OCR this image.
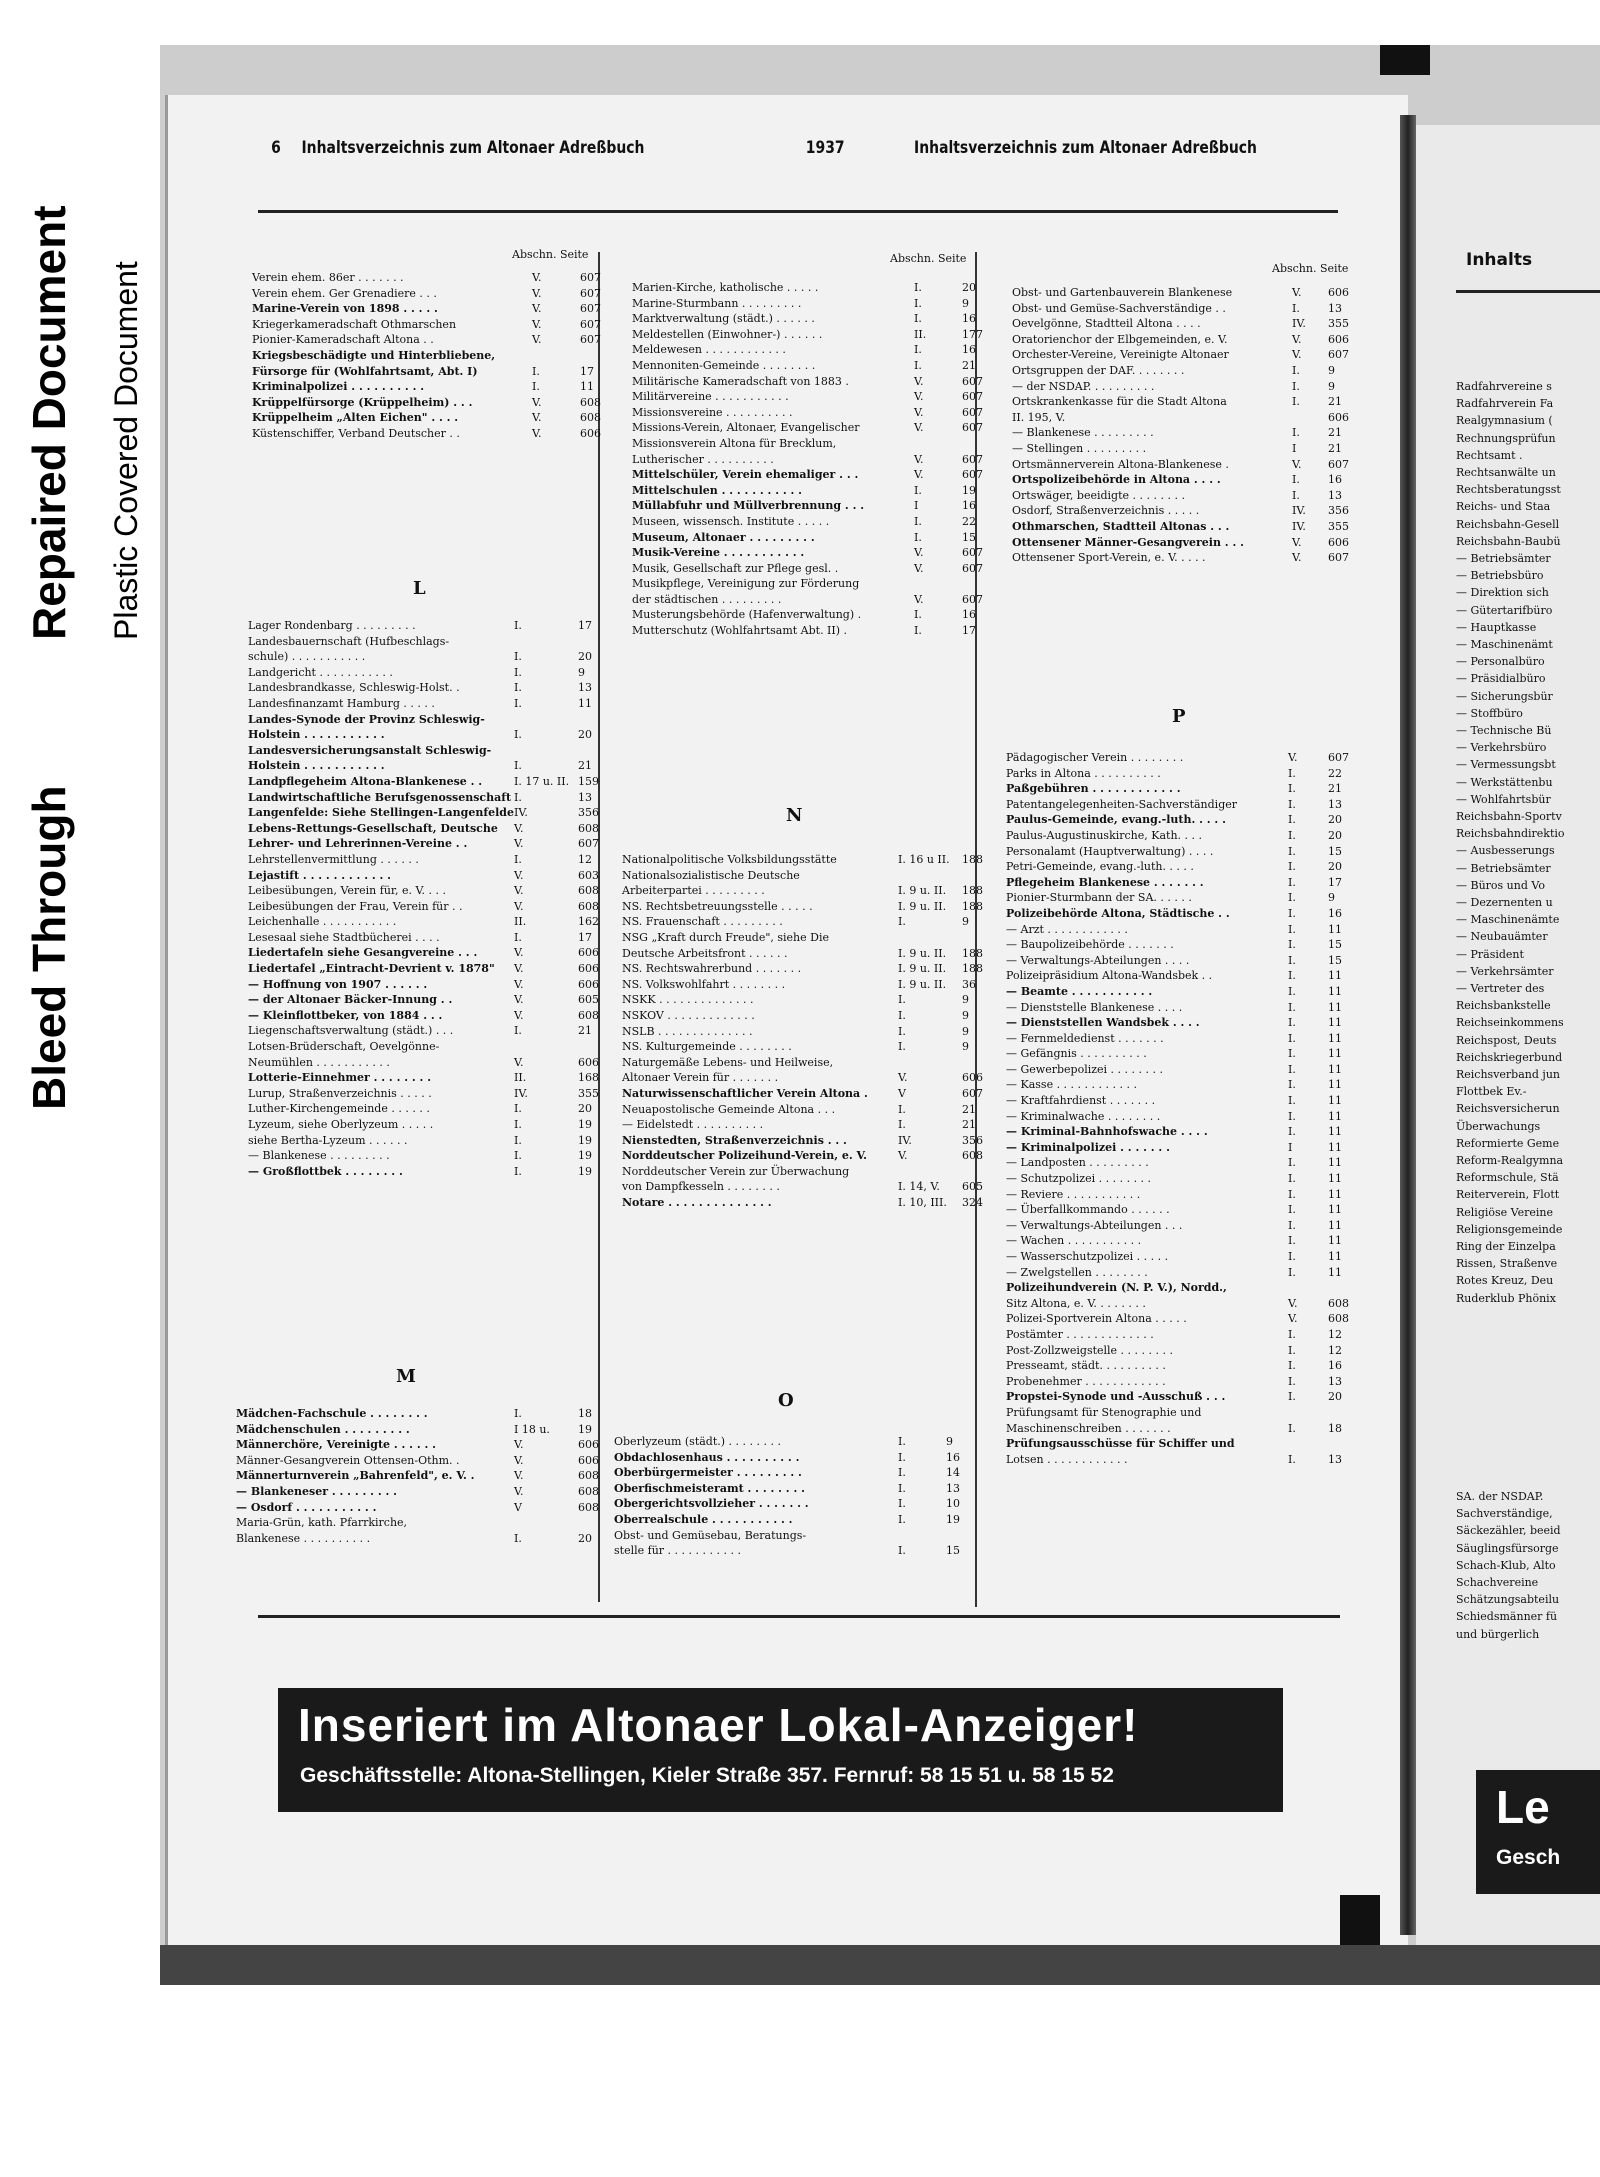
Bleed Through
Repaired Document Plastic Covered Document
Inhalts
Radfahrvereine s
Radfahrverein Fa
Realgymnasium (
Rechnungsprüfun
Rechtsamt .
Rechtsanwälte un
Rechtsberatungsst
Reichs- und Staa
Reichsbahn-Gesell
Reichsbahn-Baubü
— Betriebsämter
— Betriebsbüro
— Direktion sich
— Gütertarifbüro
— Hauptkasse
— Maschinenämt
— Personalbüro
— Präsidialbüro
— Sicherungsbür
— Stoffbüro
— Technische Bü
— Verkehrsbüro
— Vermessungsbt
— Werkstättenbu
— Wohlfahrtsbür
Reichsbahn-Sportv
Reichsbahndirektio
— Ausbesserungs
— Betriebsämter
— Büros und Vo
— Dezernenten u
— Maschinenämte
— Neubauämter
— Präsident
— Verkehrsämter
— Vertreter des
Reichsbankstelle
Reichseinkommens
Reichspost, Deuts
Reichskriegerbund
Reichsverband jun
Flottbek Ev.-
Reichsversicherun
Überwachungs
Reformierte Geme
Reform-Realgymna
Reformschule, Stä
Reiterverein, Flott
Religiöse Vereine
Religionsgemeinde
Ring der Einzelpa
Rissen, Straßenve
Rotes Kreuz, Deu
Ruderklub Phönix
SA. der NSDAP.
Sachverständige,
Säckezähler, beeid
Säuglingsfürsorge
Schach-Klub, Alto
Schachvereine
Schätzungsabteilu
Schiedsmänner fü
und bürgerlich
Le
Gesch
6 Inhaltsverzeichnis zum Altonaer Adreßbuch	1937	Inhaltsverzeichnis zum Altonaer Adreßbuch
Abschn. Seite	Abschn. Seite
Abschn. Seite
Verein ehem. 86er . . . . . . .	V.	607
Verein ehem. Ger Grenadiere . . .	V.	607
Marine-Verein von 1898 . . . . .	V.	607
Kriegerkameradschaft Othmarschen	V.	607
Pionier-Kameradschaft Altona . .	V.	607
Kriegsbeschädigte und Hinterbliebene,
Fürsorge für (Wohlfahrtsamt, Abt. I)	I.	17
Kriminalpolizei . . . . . . . . . .	I.	11
Krüppelfürsorge (Krüppelheim) . . .	V.	608
Krüppelheim „Alten Eichen" . . . .	V.	608
Küstenschiffer, Verband Deutscher . .	V.	606
L
Lager Rondenbarg . . . . . . . . .	I.	17
Landesbauernschaft (Hufbeschlags-
schule) . . . . . . . . . . .	I.	20
Landgericht . . . . . . . . . . .	I.	9
Landesbrandkasse, Schleswig-Holst. .	I.	13
Landesfinanzamt Hamburg . . . . .	I.	11
Landes-Synode der Provinz Schleswig-
Holstein . . . . . . . . . . .	I.	20
Landesversicherungsanstalt Schleswig-
Holstein . . . . . . . . . . .	I.	21
Landpflegeheim Altona-Blankenese . .	I. 17 u. II. 159
Landwirtschaftliche Berufsgenossenschaft I.	13
Langenfelde: Siehe Stellingen-Langenfelde IV.	356
Lebens-Rettungs-Gesellschaft, Deutsche V.	608
Lehrer- und Lehrerinnen-Vereine . .	V.	607
Lehrstellenvermittlung . . . . . .	I.	12
Lejastift . . . . . . . . . . . .	V.	603
Leibesübungen, Verein für, e. V. . . .	V.	608
Leibesübungen der Frau, Verein für . .	V.	608
Leichenhalle . . . . . . . . . . .	II.	162
Lesesaal siehe Stadtbücherei . . . .	I.	17
Liedertafeln siehe Gesangvereine . . .	V.	606
Liedertafel „Eintracht-Devrient v. 1878" V.	606
— Hoffnung von 1907 . . . . . .	V.	606
— der Altonaer Bäcker-Innung . .	V.	605
— Kleinflottbeker, von 1884 . . .	V.	608
Liegenschaftsverwaltung (städt.) . . .	I.	21
Lotsen-Brüderschaft, Oevelgönne-
Neumühlen . . . . . . . . . . .	V.	606
Lotterie-Einnehmer . . . . . . . .	II.	168
Lurup, Straßenverzeichnis . . . . .	IV.	355
Luther-Kirchengemeinde . . . . . .	I.	20
Lyzeum, siehe Oberlyzeum . . . . .	I.	19
siehe Bertha-Lyzeum . . . . . .	I.	19
— Blankenese . . . . . . . . .	I.	19
— Großflottbek . . . . . . . .	I.	19
M
Mädchen-Fachschule . . . . . . . .	I.	18
Mädchenschulen . . . . . . . . .	I 18 u.	19
Männerchöre, Vereinigte . . . . . .	V.	606
Männer-Gesangverein Ottensen-Othm. .	V.	606
Männerturnverein „Bahrenfeld", e. V. .	V.	608
— Blankeneser . . . . . . . . .	V.	608
— Osdorf . . . . . . . . . . .	V	608
Maria-Grün, kath. Pfarrkirche,
Blankenese . . . . . . . . . .	I.	20
Marien-Kirche, katholische . . . . .	I.	20
Marine-Sturmbann . . . . . . . . .	I.	9
Marktverwaltung (städt.) . . . . . .	I.	16
Meldestellen (Einwohner-) . . . . . .	II.	177
Meldewesen . . . . . . . . . . . .	I.	16
Mennoniten-Gemeinde . . . . . . . .	I.	21
Militärische Kameradschaft von 1883 .	V.	607
Militärvereine . . . . . . . . . . .	V.	607
Missionsvereine . . . . . . . . . .	V.	607
Missions-Verein, Altonaer, Evangelischer	V.	607
Missionsverein Altona für Brecklum,
Lutherischer . . . . . . . . . .	V.	607
Mittelschüler, Verein ehemaliger . . .	V.	607
Mittelschulen . . . . . . . . . . .	I.	19
Müllabfuhr und Müllverbrennung . . .	I	16
Museen, wissensch. Institute . . . . .	I.	22
Museum, Altonaer . . . . . . . . .	I.	15
Musik-Vereine . . . . . . . . . . .	V.	607
Musik, Gesellschaft zur Pflege gesl. .	V.	607
Musikpflege, Vereinigung zur Förderung
der städtischen . . . . . . . . .	V.	607
Musterungsbehörde (Hafenverwaltung) .	I.	16
Mutterschutz (Wohlfahrtsamt Abt. II) .	I.	17
N
Nationalpolitische Volksbildungsstätte	I. 16 u II. 188
Nationalsozialistische Deutsche
Arbeiterpartei . . . . . . . . .	I. 9 u. II. 188
NS. Rechtsbetreuungsstelle . . . . .	I. 9 u. II. 188
NS. Frauenschaft . . . . . . . . .	I.	9
NSG „Kraft durch Freude", siehe Die
Deutsche Arbeitsfront . . . . . .	I. 9 u. II. 188
NS. Rechtswahrerbund . . . . . . .	I. 9 u. II. 188
NS. Volkswohlfahrt . . . . . . . .	I. 9 u. II. 36
NSKK . . . . . . . . . . . . . .	I.	9
NSKOV . . . . . . . . . . . . .	I.	9
NSLB . . . . . . . . . . . . . .	I.	9
NS. Kulturgemeinde . . . . . . . .	I.	9
Naturgemäße Lebens- und Heilweise,
Altonaer Verein für . . . . . . .	V.	606
Naturwissenschaftlicher Verein Altona .	V	607
Neuapostolische Gemeinde Altona . . .	I.	21
— Eidelstedt . . . . . . . . . .	I.	21
Nienstedten, Straßenverzeichnis . . .	IV.	356
Norddeutscher Polizeihund-Verein, e. V.	V.	608
Norddeutscher Verein zur Überwachung
von Dampfkesseln . . . . . . . .	I. 14, V. 605
Notare . . . . . . . . . . . . . .	I. 10, III. 324
O
Oberlyzeum (städt.) . . . . . . . .	I.	9
Obdachlosenhaus . . . . . . . . . .	I.	16
Oberbürgermeister . . . . . . . . .	I.	14
Oberfischmeisteramt . . . . . . . .	I.	13
Obergerichtsvollzieher . . . . . . .	I.	10
Oberrealschule . . . . . . . . . . .	I.	19
Obst- und Gemüsebau, Beratungs-
stelle für . . . . . . . . . . .	I.	15
Obst- und Gartenbauverein Blankenese	V. 606
Obst- und Gemüse-Sachverständige . .	I.	13
Oevelgönne, Stadtteil Altona . . . .	IV. 355
Oratorienchor der Elbgemeinden, e. V.	V. 606
Orchester-Vereine, Vereinigte Altonaer	V. 607
Ortsgruppen der DAF. . . . . . . .	I.	9
— der NSDAP. . . . . . . . . .	I.	9
Ortskrankenkasse für die Stadt Altona	I.	21
II. 195, V.	606
— Blankenese . . . . . . . . .	I.	21
— Stellingen . . . . . . . . .	I	21
Ortsmännerverein Altona-Blankenese .	V. 607
Ortspolizeibehörde in Altona . . . .	I.	16
Ortswäger, beeidigte . . . . . . . .	I.	13
Osdorf, Straßenverzeichnis . . . . .	IV. 356
Othmarschen, Stadtteil Altonas . . .	IV. 355
Ottensener Männer-Gesangverein . . .	V. 606
Ottensener Sport-Verein, e. V. . . . .	V. 607
P
Pädagogischer Verein . . . . . . . .	V.	607
Parks in Altona . . . . . . . . . .	I.	22
Paßgebühren . . . . . . . . . . . .	I.	21
Patentangelegenheiten-Sachverständiger	I.	13
Paulus-Gemeinde, evang.-luth. . . . .	I.	20
Paulus-Augustinuskirche, Kath. . . .	I.	20
Personalamt (Hauptverwaltung) . . . .	I.	15
Petri-Gemeinde, evang.-luth. . . . .	I.	20
Pflegeheim Blankenese . . . . . . .	I.	17
Pionier-Sturmbann der SA. . . . . .	I.	9
Polizeibehörde Altona, Städtische . .	I.	16
— Arzt . . . . . . . . . . . .	I.	11
— Baupolizeibehörde . . . . . . .	I.	15
— Verwaltungs-Abteilungen . . . .	I.	15
Polizeipräsidium Altona-Wandsbek . .	I.	11
— Beamte . . . . . . . . . . .	I.	11
— Dienststelle Blankenese . . . .	I.	11
— Dienststellen Wandsbek . . . .	I.	11
— Fernmeldedienst . . . . . . .	I.	11
— Gefängnis . . . . . . . . . .	I.	11
— Gewerbepolizei . . . . . . . .	I.	11
— Kasse . . . . . . . . . . . .	I.	11
— Kraftfahrdienst . . . . . . .	I.	11
— Kriminalwache . . . . . . . .	I.	11
— Kriminal-Bahnhofswache . . . .	I.	11
— Kriminalpolizei . . . . . . .	I	11
— Landposten . . . . . . . . .	I.	11
— Schutzpolizei . . . . . . . .	I.	11
— Reviere . . . . . . . . . . .	I.	11
— Überfallkommando . . . . . .	I.	11
— Verwaltungs-Abteilungen . . .	I.	11
— Wachen . . . . . . . . . . .	I.	11
— Wasserschutzpolizei . . . . .	I.	11
— Zwelgstellen . . . . . . . .	I.	11
Polizeihundverein (N. P. V.), Nordd.,
Sitz Altona, e. V. . . . . . . .	V.	608
Polizei-Sportverein Altona . . . . .	V.	608
Postämter . . . . . . . . . . . . .	I.	12
Post-Zollzweigstelle . . . . . . . .	I.	12
Presseamt, städt. . . . . . . . . .	I.	16
Probenehmer . . . . . . . . . . . .	I.	13
Propstei-Synode und -Ausschuß . . .	I.	20
Prüfungsamt für Stenographie und
Maschinenschreiben . . . . . . .	I.	18
Prüfungsausschüsse für Schiffer und
Lotsen . . . . . . . . . . . .	I.	13
Inseriert im Altonaer Lokal-Anzeiger!
Geschäftsstelle: Altona-Stellingen, Kieler Straße 357. Fernruf: 58 15 51 u. 58 15 52
